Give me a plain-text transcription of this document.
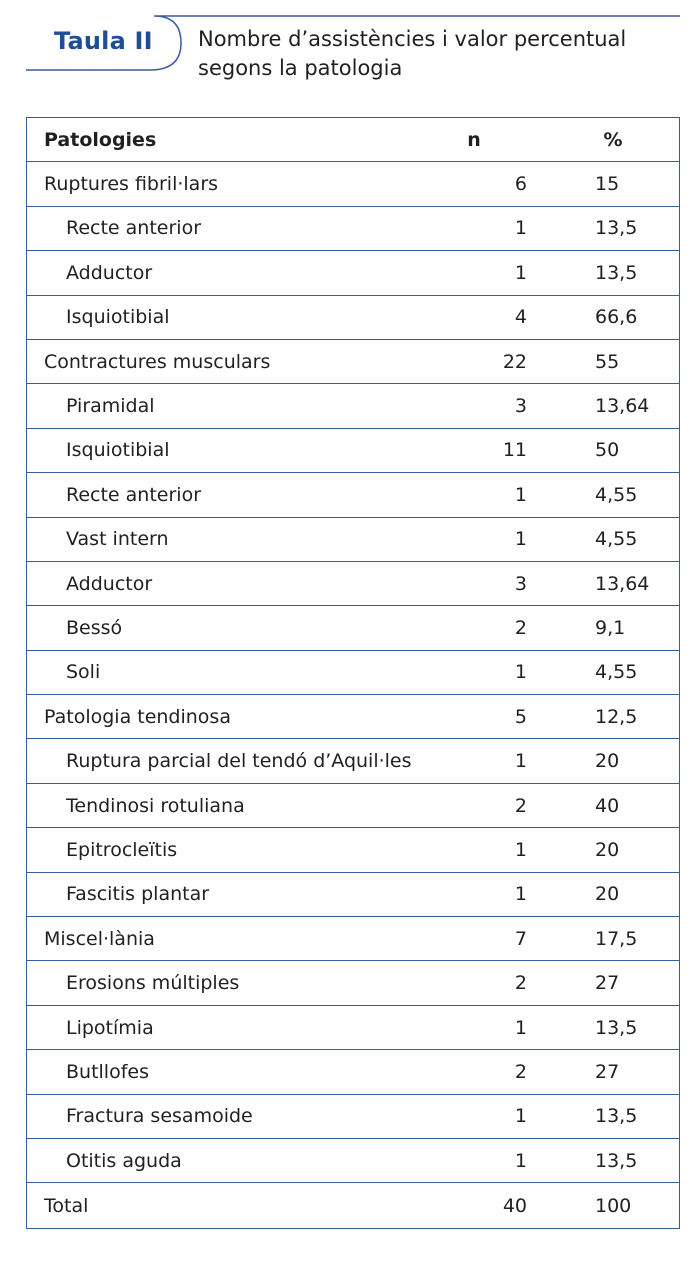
Taula II Nombre d’assistències i valor percentual segons la patologia
Patologies	n	%
Ruptures fibril·lars	6	15
Recte anterior	1	13,5
Adductor	1	13,5
Isquiotibial	4	66,6
Contractures musculars	22	55
Piramidal	3	13,64
Isquiotibial	11	50
Recte anterior	1	4,55
Vast intern	1	4,55
Adductor	3	13,64
Bessó	2	9,1
Soli	1	4,55
Patologia tendinosa	5	12,5
Ruptura parcial del tendó d’Aquil·les	1	20
Tendinosi rotuliana	2	40
Epitrocleïtis	1	20
Fascitis plantar	1	20
Miscel·lània	7	17,5
Erosions múltiples	2	27
Lipotímia	1	13,5
Butllofes	2	27
Fractura sesamoide	1	13,5
Otitis aguda	1	13,5
Total	40	100
